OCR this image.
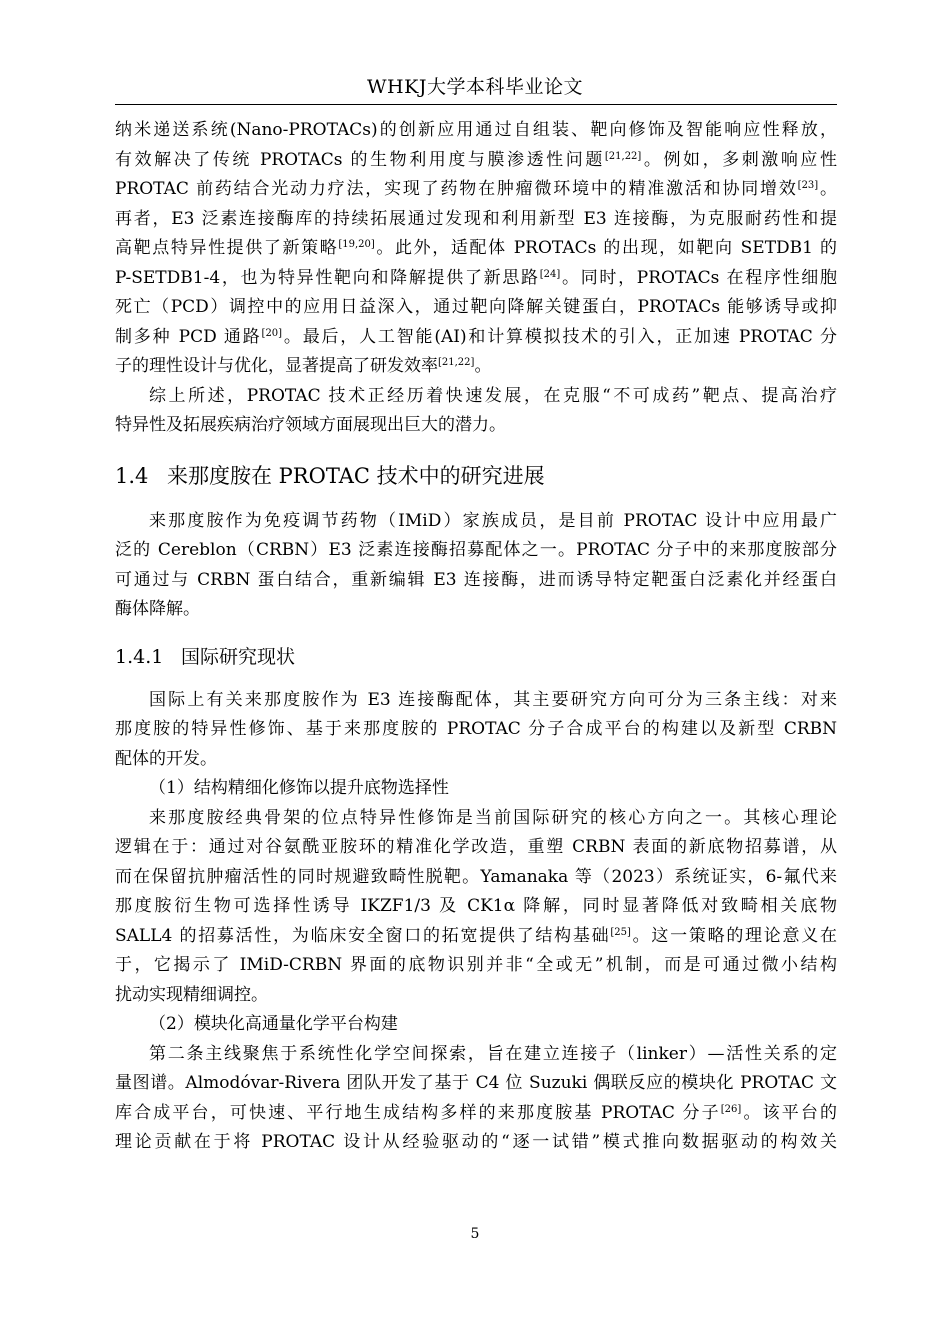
WHKJ大学本科毕业论文

纳米递送系统(Nano-PROTACs)的创新应用通过自组装、靶向修饰及智能响应性释放，

有效解决了传统 PROTACs 的生物利用度与膜渗透性问题[21,22]。例如，多刺激响应性

PROTAC 前药结合光动力疗法，实现了药物在肿瘤微环境中的精准激活和协同增效[23]。

再者，E3 泛素连接酶库的持续拓展通过发现和利用新型 E3 连接酶，为克服耐药性和提

高靶点特异性提供了新策略[19,20]。此外，适配体 PROTACs 的出现，如靶向 SETDB1 的

P-SETDB1-4，也为特异性靶向和降解提供了新思路[24]。同时，PROTACs 在程序性细胞

死亡（PCD）调控中的应用日益深入，通过靶向降解关键蛋白，PROTACs 能够诱导或抑

制多种 PCD 通路[20]。最后，人工智能(AI)和计算模拟技术的引入，正加速 PROTAC 分

子的理性设计与优化，显著提高了研发效率[21,22]。

综上所述，PROTAC 技术正经历着快速发展，在克服“不可成药”靶点、提高治疗

特异性及拓展疾病治疗领域方面展现出巨大的潜力。

1.4 来那度胺在 PROTAC 技术中的研究进展

来那度胺作为免疫调节药物（IMiD）家族成员，是目前 PROTAC 设计中应用最广

泛的 Cereblon（CRBN）E3 泛素连接酶招募配体之一。PROTAC 分子中的来那度胺部分

可通过与 CRBN 蛋白结合，重新编辑 E3 连接酶，进而诱导特定靶蛋白泛素化并经蛋白

酶体降解。

1.4.1 国际研究现状

国际上有关来那度胺作为 E3 连接酶配体，其主要研究方向可分为三条主线：对来

那度胺的特异性修饰、基于来那度胺的 PROTAC 分子合成平台的构建以及新型 CRBN

配体的开发。

（1）结构精细化修饰以提升底物选择性

来那度胺经典骨架的位点特异性修饰是当前国际研究的核心方向之一。其核心理论

逻辑在于：通过对谷氨酰亚胺环的精准化学改造，重塑 CRBN 表面的新底物招募谱，从

而在保留抗肿瘤活性的同时规避致畸性脱靶。Yamanaka 等（2023）系统证实，6-氟代来

那度胺衍生物可选择性诱导 IKZF1/3 及 CK1α 降解，同时显著降低对致畸相关底物

SALL4 的招募活性，为临床安全窗口的拓宽提供了结构基础[25]。这一策略的理论意义在

于，它揭示了 IMiD-CRBN 界面的底物识别并非“全或无”机制，而是可通过微小结构

扰动实现精细调控。

（2）模块化高通量化学平台构建

第二条主线聚焦于系统性化学空间探索，旨在建立连接子（linker）—活性关系的定

量图谱。Almodóvar-Rivera 团队开发了基于 C4 位 Suzuki 偶联反应的模块化 PROTAC 文

库合成平台，可快速、平行地生成结构多样的来那度胺基 PROTAC 分子[26]。该平台的

理论贡献在于将 PROTAC 设计从经验驱动的“逐一试错”模式推向数据驱动的构效关

5
